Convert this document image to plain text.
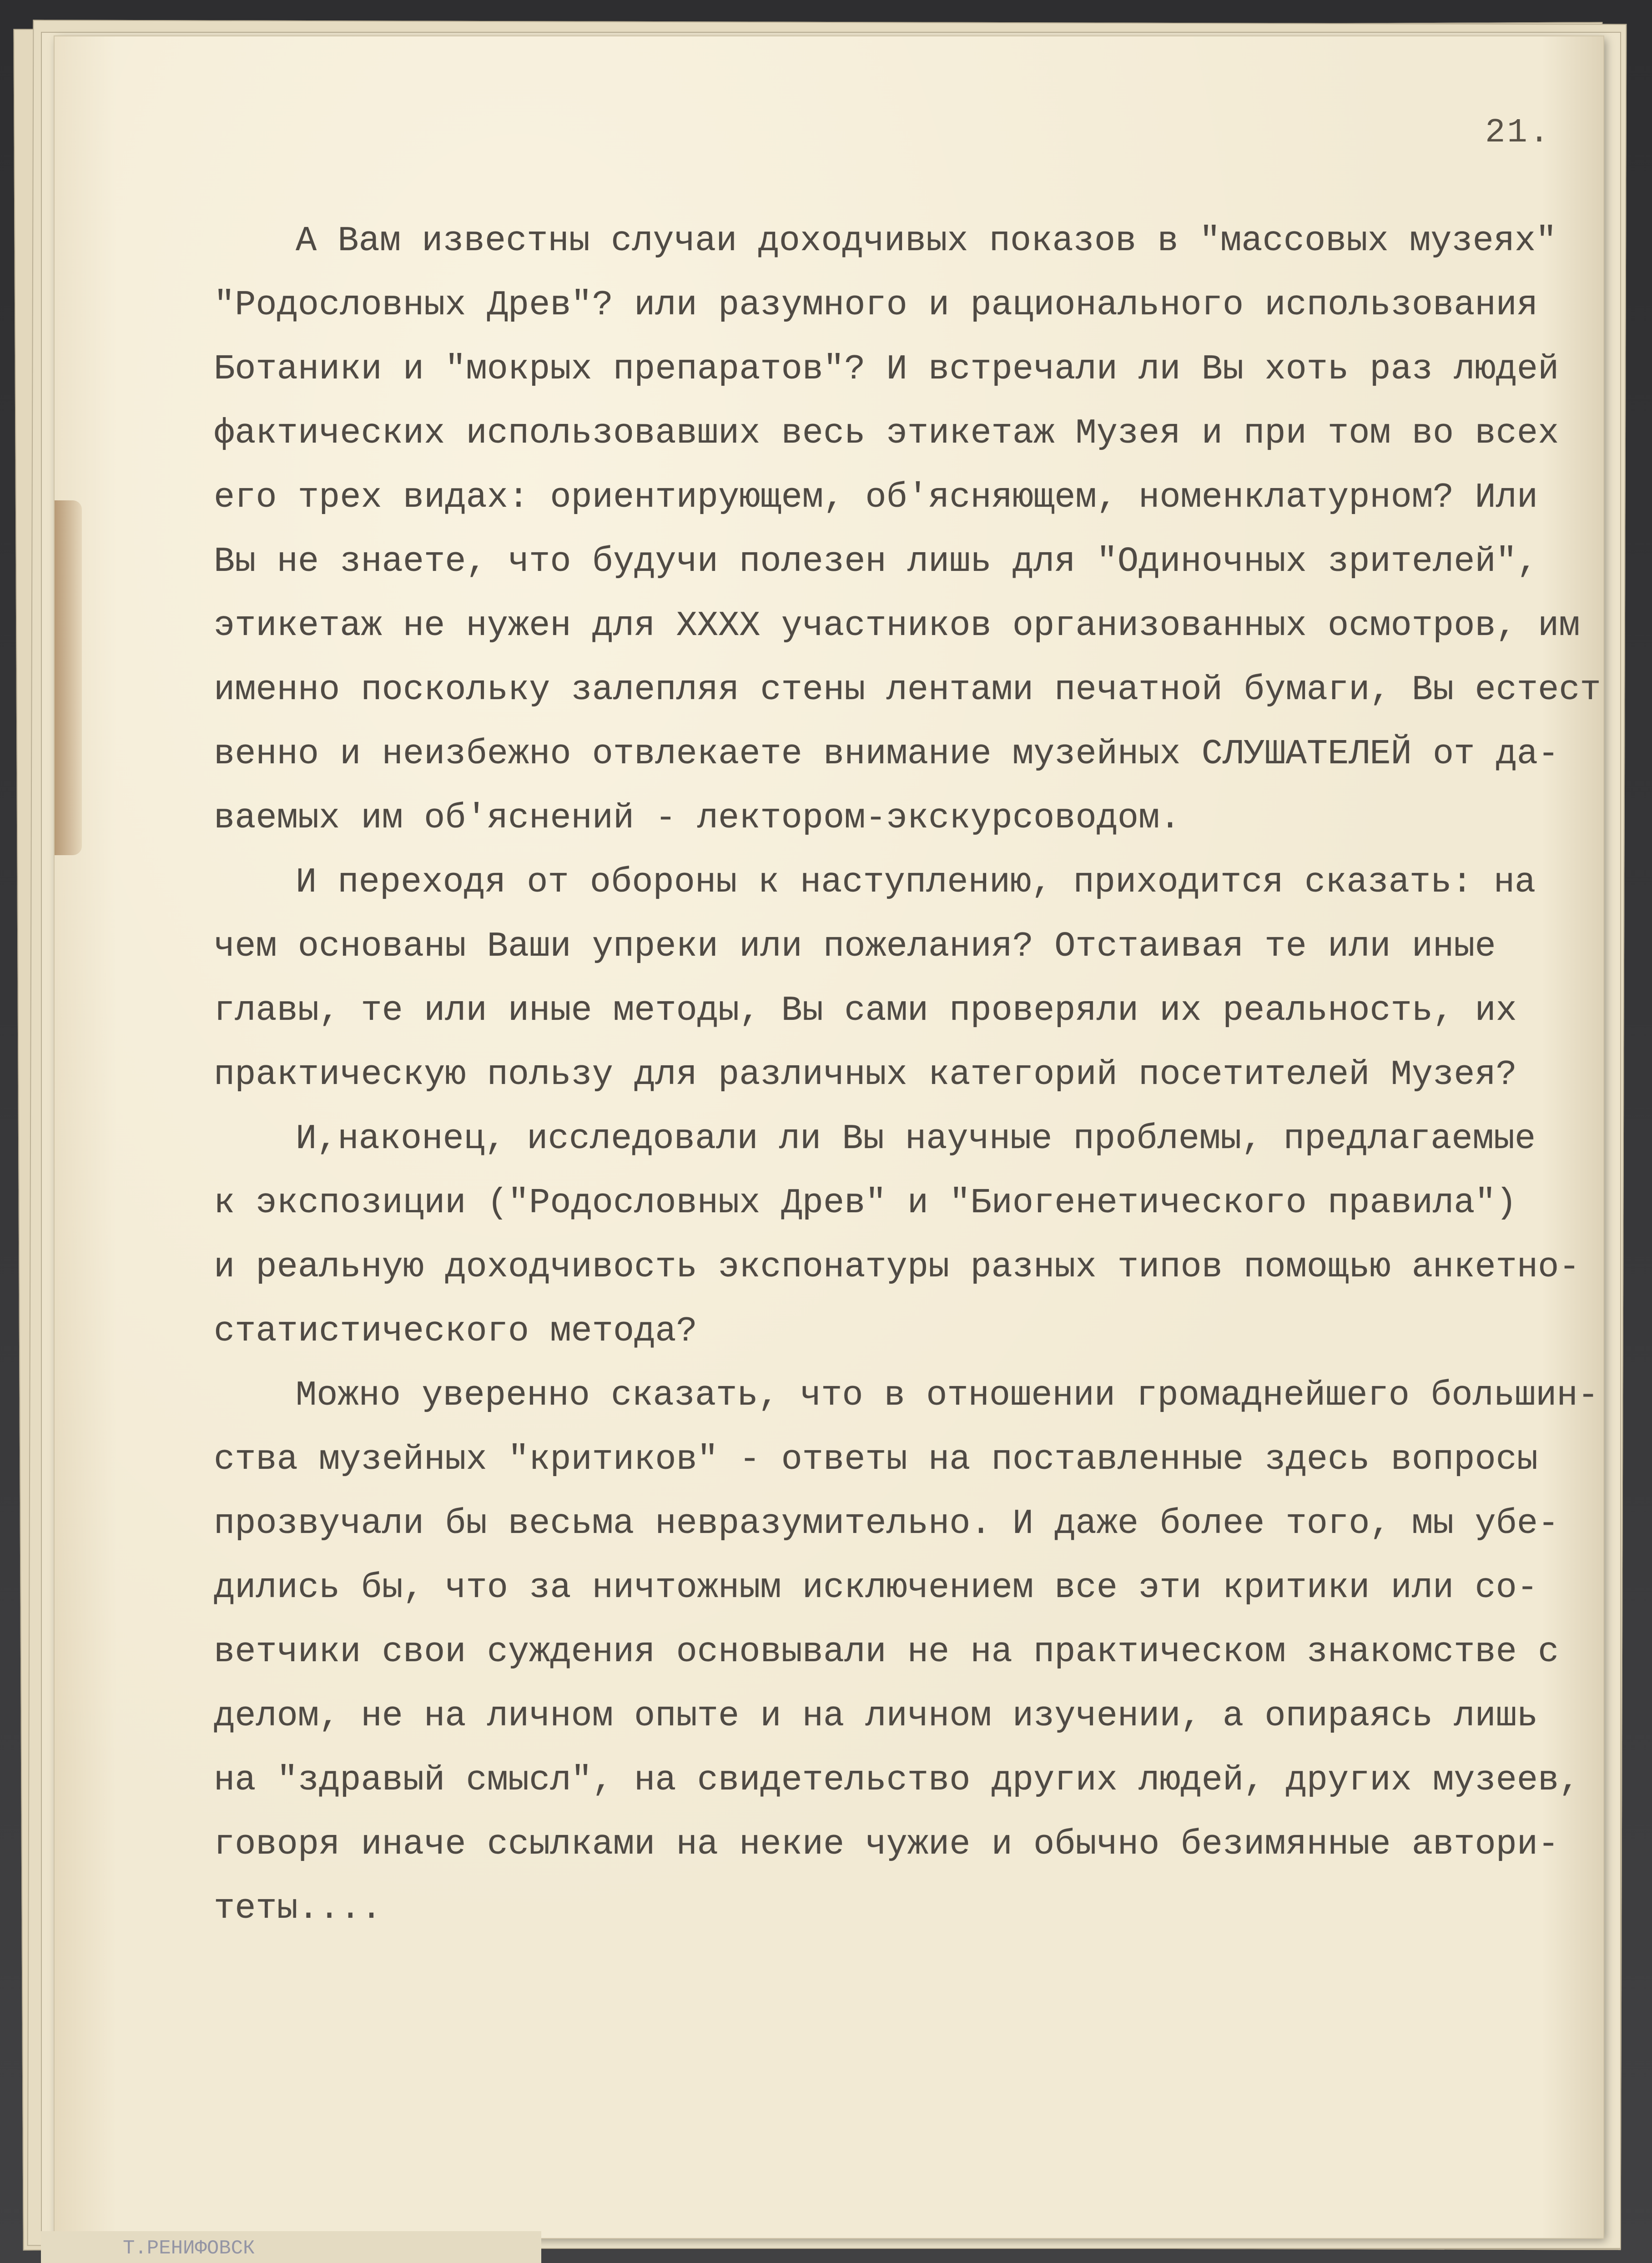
21.
А Вам известны случаи доходчивых показов в "массовых музеях"
"Родословных Древ"? или разумного и рационального использования
Ботаники и "мокрых препаратов"? И встречали ли Вы хоть раз людей
фактических использовавших весь этикетаж Музея и при том во всех
его трех видах: ориентирующем, об'ясняющем, номенклатурном? Или
Вы не знаете, что будучи полезен лишь для "Одиночных зрителей",
этикетаж не нужен для ХХХХ участников организованных осмотров, им
именно поскольку залепляя стены лентами печатной бумаги, Вы естест
венно и неизбежно отвлекаете внимание музейных СЛУШАТЕЛЕЙ от да-
ваемых им об'яснений - лектором-экскурсоводом.
И переходя от обороны к наступлению, приходится сказать: на
чем основаны Ваши упреки или пожелания? Отстаивая те или иные
главы, те или иные методы, Вы сами проверяли их реальность, их
практическую пользу для различных категорий посетителей Музея?
И,наконец, исследовали ли Вы научные проблемы, предлагаемые
к экспозиции ("Родословных Древ" и "Биогенетического правила")
и реальную доходчивость экспонатуры разных типов помощью анкетно-
статистического метода?
Можно уверенно сказать, что в отношении громаднейшего большин-
ства музейных "критиков" - ответы на поставленные здесь вопросы
прозвучали бы весьма невразумительно. И даже более того, мы убе-
дились бы, что за ничтожным исключением все эти критики или со-
ветчики свои суждения основывали не на практическом знакомстве с
делом, не на личном опыте и на личном изучении, а опираясь лишь
на "здравый смысл", на свидетельство других людей, других музеев,
говоря иначе ссылками на некие чужие и обычно безимянные автори-
теты....
Т.РЕНИФОВСК
